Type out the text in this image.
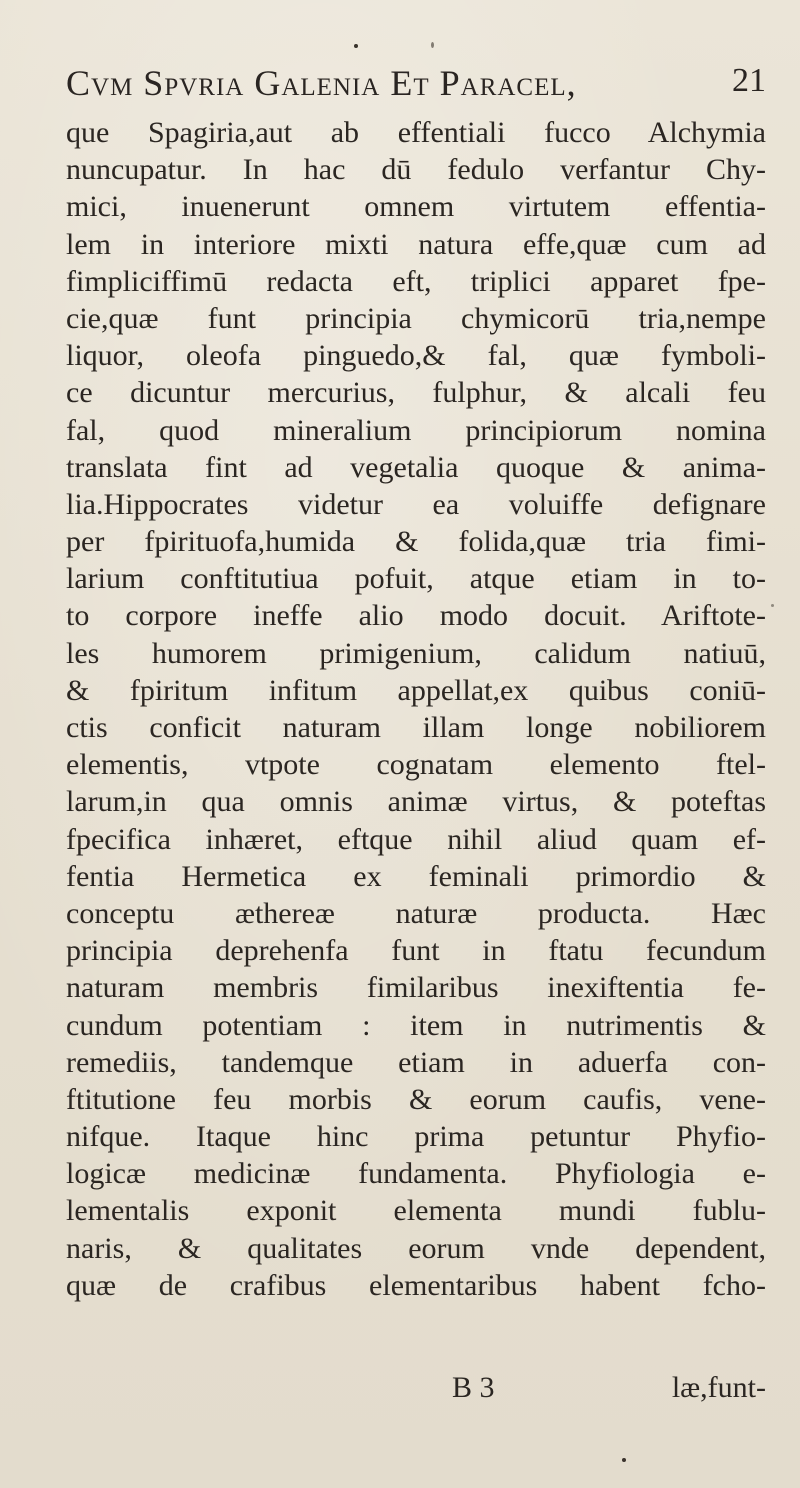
Cvm Spvria Galenia Et Paracel,	21
que Spagiria,aut ab effentiali fucco Alchymia
nuncupatur. In hac dū fedulo verfantur Chy-
mici, inuenerunt omnem virtutem effentia-
lem in interiore mixti natura effe,quæ cum ad
fimpliciffimū redacta eft, triplici apparet fpe-
cie,quæ funt principia chymicorū tria,nempe
liquor, oleofa pinguedo,& fal, quæ fymboli-
ce dicuntur mercurius, fulphur, & alcali feu
fal, quod mineralium principiorum nomina
translata fint ad vegetalia quoque & anima-
lia.Hippocrates videtur ea voluiffe defignare
per fpirituofa,humida & folida,quæ tria fimi-
larium conftitutiua pofuit, atque etiam in to-
to corpore ineffe alio modo docuit. Ariftote-
les humorem primigenium, calidum natiuū,
& fpiritum infitum appellat,ex quibus coniū-
ctis conficit naturam illam longe nobiliorem
elementis, vtpote cognatam elemento ftel-
larum,in qua omnis animæ virtus, & poteftas
fpecifica inhæret, eftque nihil aliud quam ef-
fentia Hermetica ex feminali primordio &
conceptu æthereæ naturæ producta. Hæc
principia deprehenfa funt in ftatu fecundum
naturam membris fimilaribus inexiftentia fe-
cundum potentiam : item in nutrimentis &
remediis, tandemque etiam in aduerfa con-
ftitutione feu morbis & eorum caufis, vene-
nifque. Itaque hinc prima petuntur Phyfio-
logicæ medicinæ fundamenta. Phyfiologia e-
lementalis exponit elementa mundi fublu-
naris, & qualitates eorum vnde dependent,
quæ de crafibus elementaribus habent fcho-
B 3	læ,funt-
